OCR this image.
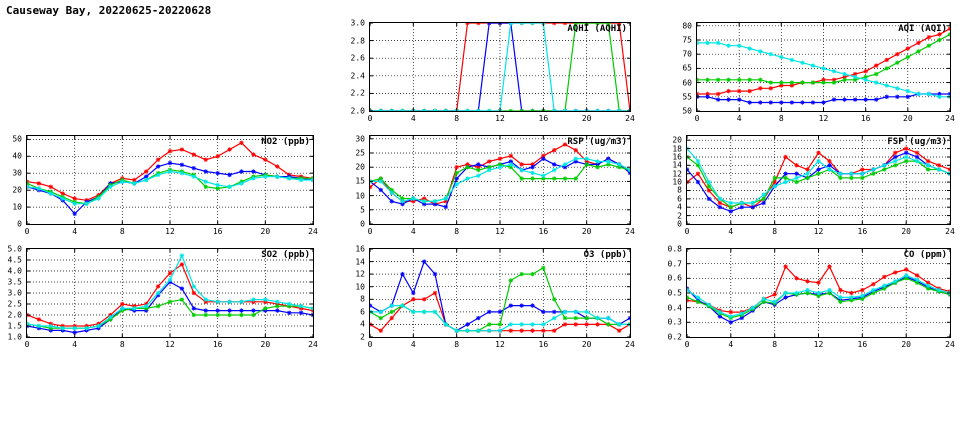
Causeway Bay, 20220625-20220628
AQHI (AQHI)
0	4	8	12	16	20	24
2.0
2.2
2.4
2.6
2.8
3.0
AQI (AQI)
0	4	8	12	16	20	24
50
55
60
65
70
75
80
NO2 (ppb)
0	4	8	12	16	20	24
0
10
20
30
40
50	RSP (ug/m3)
0	4	8	12	16	20	24
0
5
10
15
20
25
30	FSP (ug/m3)
0	4	8	12	16	20	24
0
2
4
6
8
10
12
14
16
18
20
SO2 (ppb)
0	4	8	12	16	20	24
1.0
1.5
2.0
2.5
3.0
3.5
4.0
4.5
5.0
O3 (ppb)
0	4	8	12	16	20	24
2
4
6
8
10
12
14
16
CO (ppm)
0	4	8	12	16	20	24
0.2
0.3
0.4
0.5
0.6
0.7
0.8
